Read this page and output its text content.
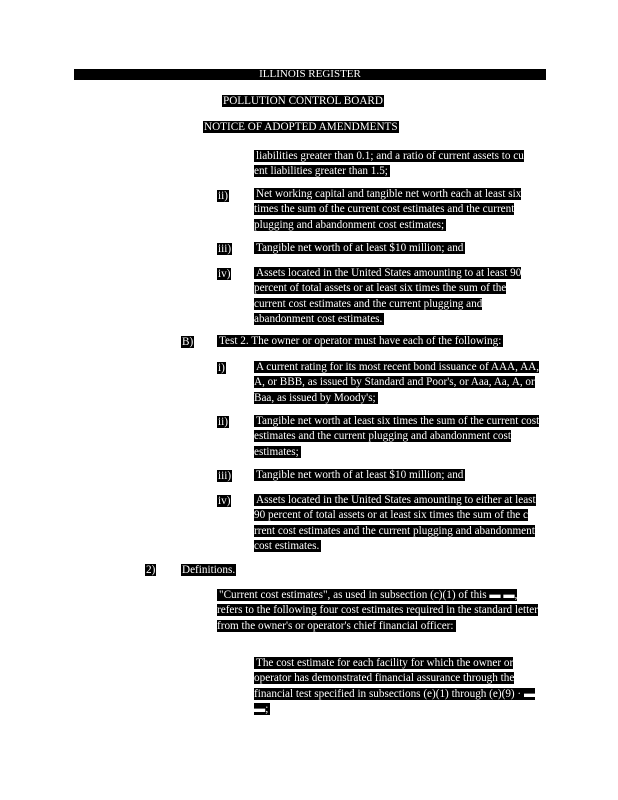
ILLINOIS REGISTER
POLLUTION CONTROL BOARD
NOTICE OF ADOPTED AMENDMENTS
liabilities greater than 0.1; and a ratio of current assets to cu ent liabilities greater than 1.5;
ii)	Net working capital and tangible net worth each at least six times the sum of the current cost estimates and the current plugging and abandonment cost estimates;
iii) Tangible net worth of at least $10 million; and
iv) Assets located in the United States amounting to at least 90 percent of total assets or at least six times the sum of the current cost estimates and the current plugging and abandonment cost estimates.
B) Test 2. The owner or operator must have each of the following:
i)	A current rating for its most recent bond issuance of AAA, AA, A, or BBB, as issued by Standard and Poor's, or Aaa, Aa, A, or Baa, as issued by Moody's;
ii)	Tangible net worth at least six times the sum of the current cost estimates and the current plugging and abandonment cost estimates;
iii) Tangible net worth of at least $10 million; and
iv) Assets located in the United States amounting to either at least 90 percent of total assets or at least six times the sum of the c rrent cost estimates and the current plugging and abandonment cost estimates.
2) Definitions.
"Current cost estimates", as used in subsection (c)(1) of this ▬ ▬, refers to the following four cost estimates required in the standard letter from the owner's or operator's chief financial officer:
The cost estimate for each facility for which the owner or operator has demonstrated financial assurance through the financial test specified in subsections (e)(1) through (e)(9) · ▬ ▬;
